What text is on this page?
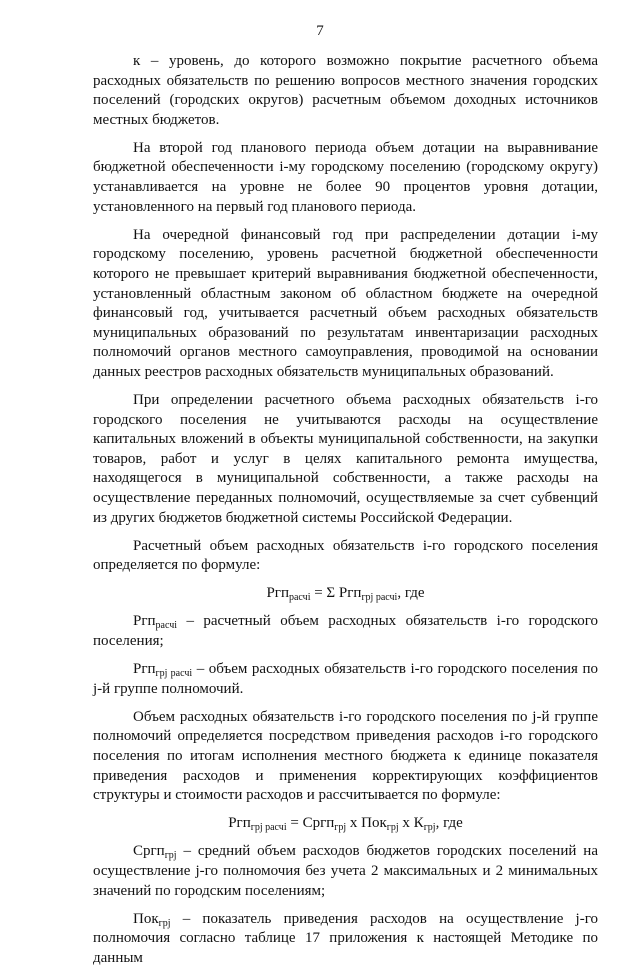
7

к – уровень, до которого возможно покрытие расчетного объема расходных обязательств по решению вопросов местного значения городских поселений (городских округов) расчетным объемом доходных источников местных бюджетов.

На второй год планового периода объем дотации на выравнивание бюджетной обеспеченности i-му городскому поселению (городскому округу) устанавливается на уровне не более 90 процентов уровня дотации, установленного на первый год планового периода.

На очередной финансовый год при распределении дотации i-му городскому поселению, уровень расчетной бюджетной обеспеченности которого не превышает критерий выравнивания бюджетной обеспеченности, установленный областным законом об областном бюджете на очередной финансовый год, учитывается расчетный объем расходных обязательств муниципальных образований по результатам инвентаризации расходных полномочий органов местного самоуправления, проводимой на основании данных реестров расходных обязательств муниципальных образований.

При определении расчетного объема расходных обязательств i-го городского поселения не учитываются расходы на осуществление капитальных вложений в объекты муниципальной собственности, на закупки товаров, работ и услуг в целях капитального ремонта имущества, находящегося в муниципальной собственности, а также расходы на осуществление переданных полномочий, осуществляемые за счет субвенций из других бюджетов бюджетной системы Российской Федерации.

Расчетный объем расходных обязательств i-го городского поселения определяется по формуле:

Ргп$_{расчi}$ = Σ Ргп$_{грj расчi}$, где

Ргп$_{расчi}$ – расчетный объем расходных обязательств i-го городского поселения;

Ргп$_{грj расчi}$ – объем расходных обязательств i-го городского поселения по j-й группе полномочий.

Объем расходных обязательств i-го городского поселения по j-й группе полномочий определяется посредством приведения расходов i-го городского поселения по итогам исполнения местного бюджета к единице показателя приведения расходов и применения корректирующих коэффициентов структуры и стоимости расходов и рассчитывается по формуле:

Ргп$_{грj расчi}$ = Сргп$_{грj}$ х Пок$_{грj}$ х $К_{грj}$, где

Сргп$_{грj}$ – средний объем расходов бюджетов городских поселений на осуществление j-го полномочия без учета 2 максимальных и 2 минимальных значений по городским поселениям;

Пок$_{грj}$ – показатель приведения расходов на осуществление j-го полномочия согласно таблице 17 приложения к настоящей Методике по данным
